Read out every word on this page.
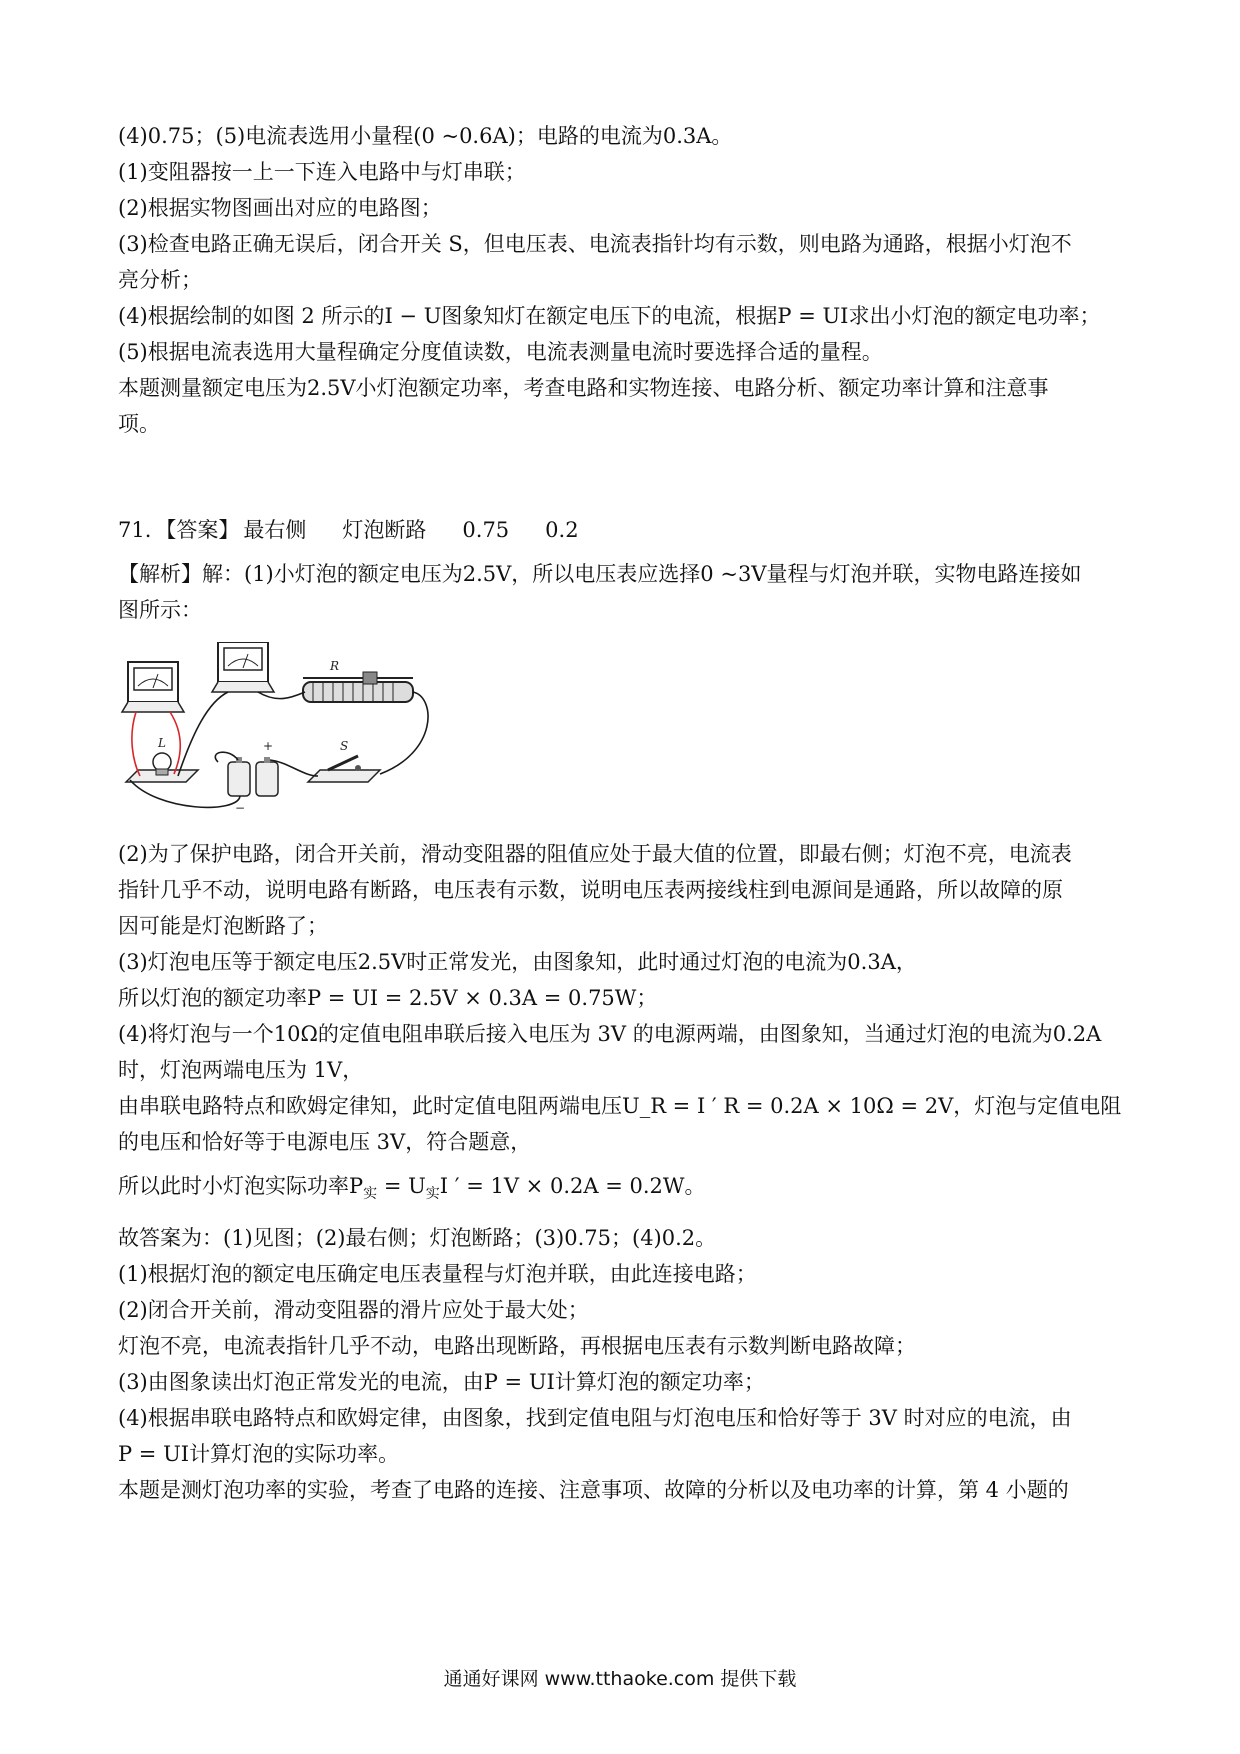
(4)0.75；(5)电流表选用小量程(0 ~0.6A)；电路的电流为0.3A。
(1)变阻器按一上一下连入电路中与灯串联；
(2)根据实物图画出对应的电路图；
(3)检查电路正确无误后，闭合开关 S，但电压表、电流表指针均有示数，则电路为通路，根据小灯泡不
亮分析；
(4)根据绘制的如图 2 所示的I − U图象知灯在额定电压下的电流，根据P = UI求出小灯泡的额定电功率；
(5)根据电流表选用大量程确定分度值读数，电流表测量电流时要选择合适的量程。
本题测量额定电压为2.5V小灯泡额定功率，考查电路和实物连接、电路分析、额定功率计算和注意事
项。
71. 【答案】 最右侧 灯泡断路 0.75 0.2
【解析】解：(1)小灯泡的额定电压为2.5V，所以电压表应选择0 ~3V量程与灯泡并联，实物电路连接如
图所示：
R
L	+
−
S
(2)为了保护电路，闭合开关前，滑动变阻器的阻值应处于最大值的位置，即最右侧；灯泡不亮，电流表
指针几乎不动，说明电路有断路，电压表有示数，说明电压表两接线柱到电源间是通路，所以故障的原
因可能是灯泡断路了；
(3)灯泡电压等于额定电压2.5V时正常发光，由图象知，此时通过灯泡的电流为0.3A，
所以灯泡的额定功率P = UI = 2.5V × 0.3A = 0.75W；
(4)将灯泡与一个10Ω的定值电阻串联后接入电压为 3V 的电源两端，由图象知，当通过灯泡的电流为0.2A
时，灯泡两端电压为 1V，
由串联电路特点和欧姆定律知，此时定值电阻两端电压U_R = I ′ R = 0.2A × 10Ω = 2V，灯泡与定值电阻
的电压和恰好等于电源电压 3V，符合题意，
所以此时小灯泡实际功率$P_实 = U_实I$ ′ = 1V × 0.2A = 0.2W。
故答案为：(1)见图；(2)最右侧；灯泡断路；(3)0.75；(4)0.2。
(1)根据灯泡的额定电压确定电压表量程与灯泡并联，由此连接电路；
(2)闭合开关前，滑动变阻器的滑片应处于最大处；
灯泡不亮，电流表指针几乎不动，电路出现断路，再根据电压表有示数判断电路故障；
(3)由图象读出灯泡正常发光的电流，由P = UI计算灯泡的额定功率；
(4)根据串联电路特点和欧姆定律，由图象，找到定值电阻与灯泡电压和恰好等于 3V 时对应的电流，由
P = UI计算灯泡的实际功率。
本题是测灯泡功率的实验，考查了电路的连接、注意事项、故障的分析以及电功率的计算，第 4 小题的
通通好课网 www.tthaoke.com 提供下载
